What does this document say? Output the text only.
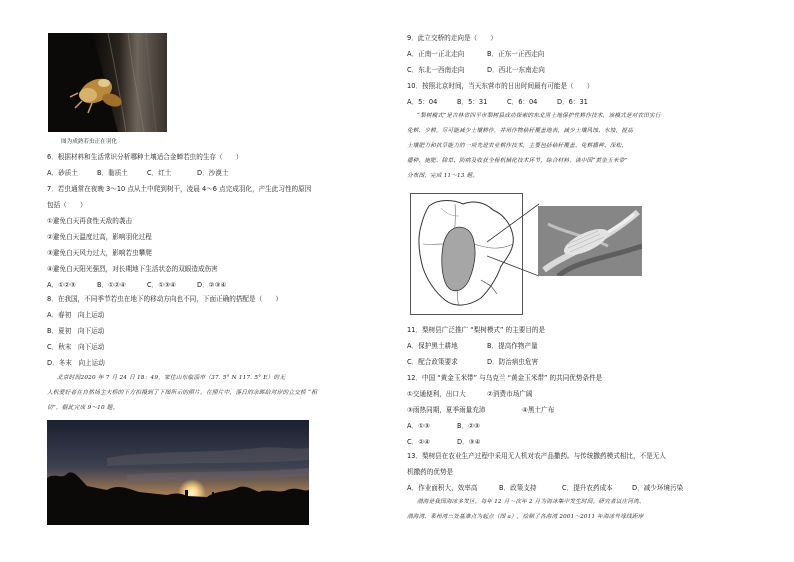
图为成熟若虫正在羽化
6．根据材料和生活常识分析哪种土壤适合金蝉若虫的生存（　　）
A．砂质土	B．黏质土	C．红土	D．沙漠土
7．若虫通常在夜晚 3～10 点从土中爬到树干，凌晨 4～6 点完成羽化，产生此习性的原因
包括（　　）
①避免白天再食性天敌的袭击
②避免白天温度过高，影响羽化过程
③避免白天风力过大，影响若虫攀爬
④避免白天阳光强烈，对长期地下生活状态的双眼造成伤害
A．①②③	B．①②④	C．①③④	D．②③④
8．在我国，不同季节若虫在地下的移动方向也不同，下面正确的搭配是（　　）
A．春初　向上运动
B．夏初　向下运动
C．秋末　向下运动
D．冬末　向上运动
北京时间2020 年 7 月 24 日 18：49，家住山东临淄市（37. 5° N 117. 5° E）的无
人机爱好者在自然场主大桥的下方拍摄到了下图所示的照片，在照片中，落日的余晖给对岸的立交桥 “相
切”，据此完成 9～10 题。
9．此立交桥的走向是（　　）
A．正南一正北走向	B．正东一正西走向
C．东北一西南走向	D．西北一东南走向
10．按照北京时间，当天东营市的日出时间最有可能是（　　）
A．5：04	B．5：31	C．6：04	D．6：31
“梨树模式”是吉林省四平市梨树县成功探索的东北黑土地保护性耕作技术，该模式是对农田实行
免耕、少耕，尽可能减少土壤耕作，并用作物秸秆覆盖地表，减少土壤风蚀、水蚀，提高
土壤肥力和抗旱能力的一项先进农业耕作技术，主要包括秸秆覆盖、免耕播种、深松、
播种、施肥、除草、防病及收获全程机械化技术环节，综合材料，读中国“黄金玉米带”
分布图，完成 11～13 题。
11．梨树县广泛推广 “梨树模式” 的主要目的是
A．保护黑土耕地	B．提高作物产量
C．配合政策要求	D．防治病虫危害
12．中国 “黄金玉米带” 与乌克兰 “黄金玉米带” 的共同优势条件是
①交通便利，出口大	②消费市场广阔
③雨热同期，夏季雨量充沛	④黑土广布
A．①③	B．②③
C．②④	D．③④
13．梨树县在农业生产过程中采用无人机对农产品撒药。与传统撒药模式相比，不是无人
机撒药的优势是
A．作业面积大，效率高	B．政策支持	C．提升农药成本	D．减少环境污染
渤海是我国海冰多发区，每年 12 月～次年 2 月为海冰集中发生时间。研究者以庄河湾、
渤海湾、莱州湾三处基准点为起点（图 a），绘制了各海湾 2001～2011 年海冰外缘线距岸
